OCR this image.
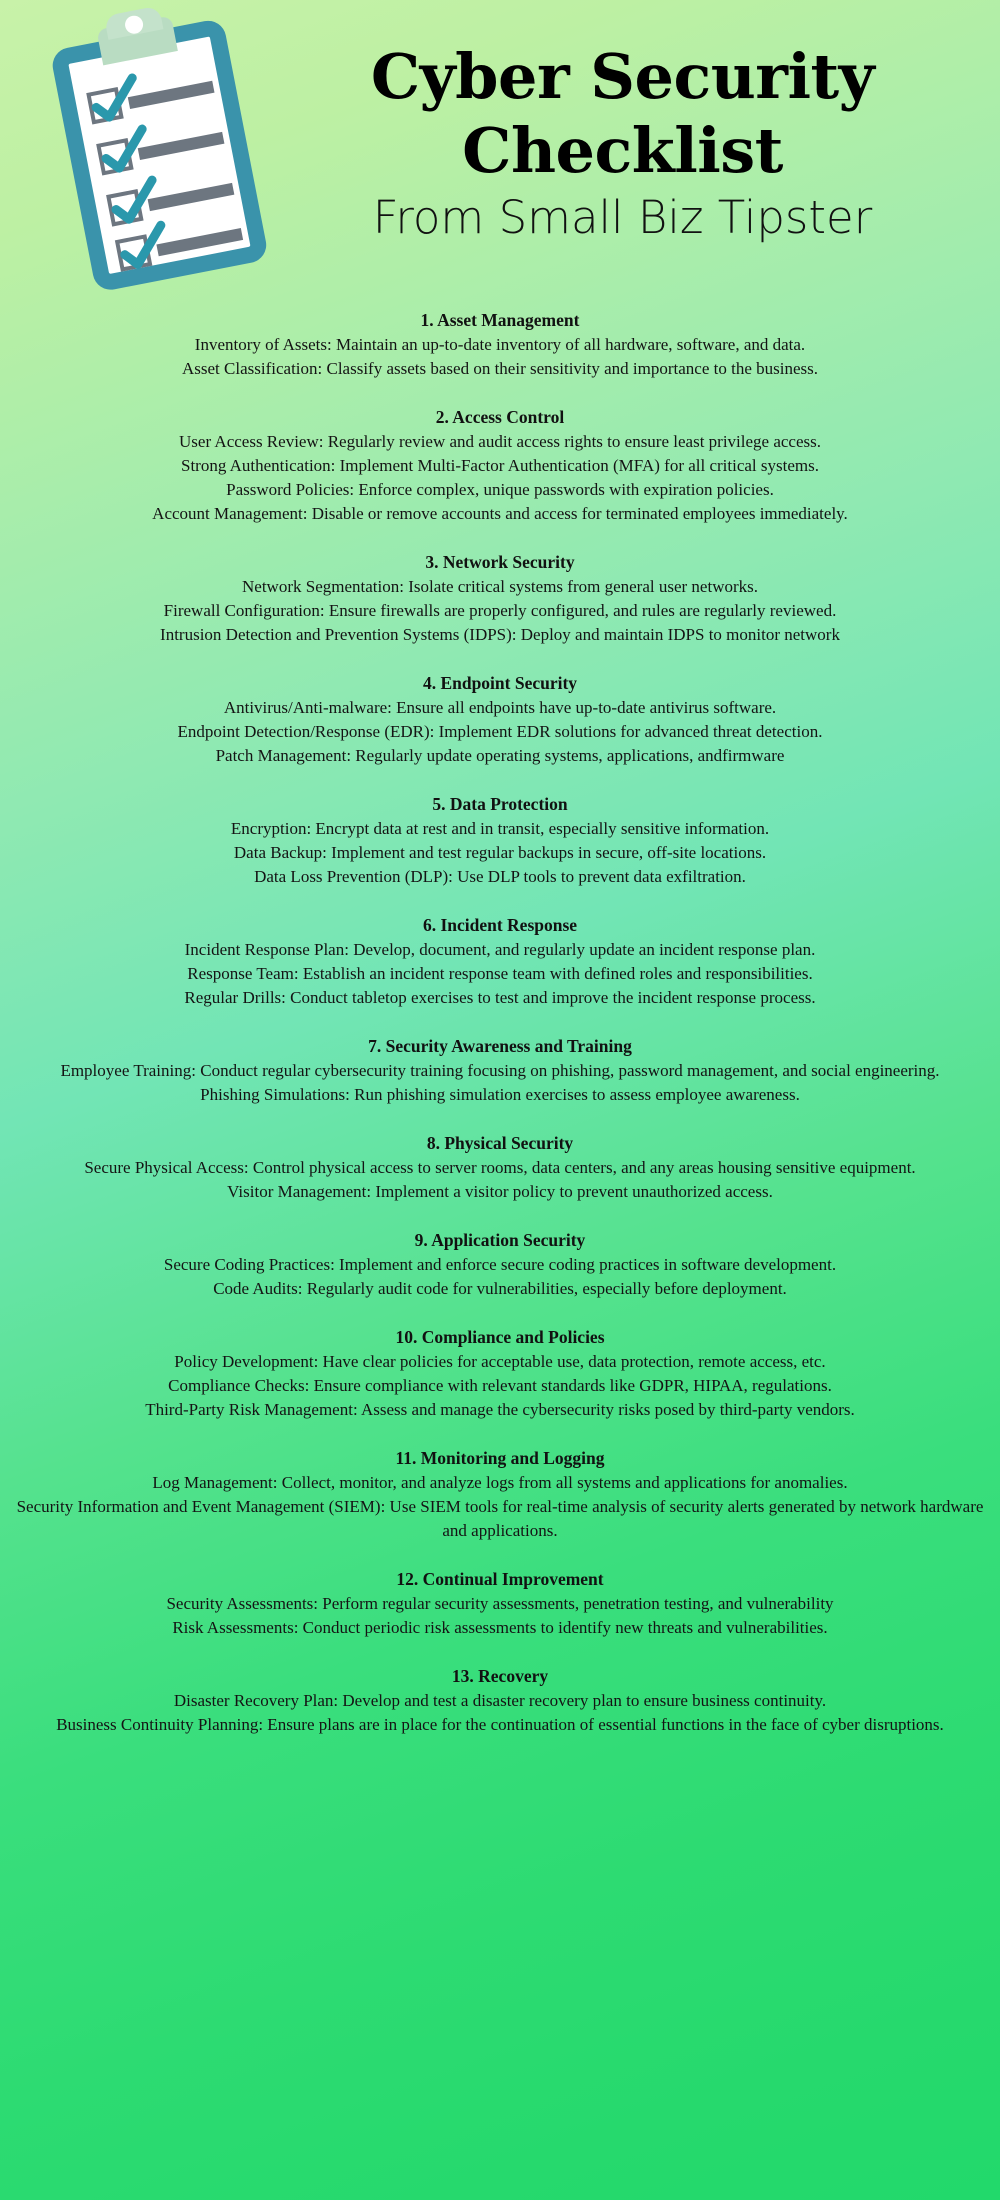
Cyber Security
Checklist
From Small Biz Tipster
1. Asset Management
Inventory of Assets: Maintain an up-to-date inventory of all hardware, software, and data.
Asset Classification: Classify assets based on their sensitivity and importance to the business.
2. Access Control
User Access Review: Regularly review and audit access rights to ensure least privilege access.
Strong Authentication: Implement Multi-Factor Authentication (MFA) for all critical systems.
Password Policies: Enforce complex, unique passwords with expiration policies.
Account Management: Disable or remove accounts and access for terminated employees immediately.
3. Network Security
Network Segmentation: Isolate critical systems from general user networks.
Firewall Configuration: Ensure firewalls are properly configured, and rules are regularly reviewed.
Intrusion Detection and Prevention Systems (IDPS): Deploy and maintain IDPS to monitor network
4. Endpoint Security
Antivirus/Anti-malware: Ensure all endpoints have up-to-date antivirus software.
Endpoint Detection/Response (EDR): Implement EDR solutions for advanced threat detection.
Patch Management: Regularly update operating systems, applications, andfirmware
5. Data Protection
Encryption: Encrypt data at rest and in transit, especially sensitive information.
Data Backup: Implement and test regular backups in secure, off-site locations.
Data Loss Prevention (DLP): Use DLP tools to prevent data exfiltration.
6. Incident Response
Incident Response Plan: Develop, document, and regularly update an incident response plan.
Response Team: Establish an incident response team with defined roles and responsibilities.
Regular Drills: Conduct tabletop exercises to test and improve the incident response process.
7. Security Awareness and Training
Employee Training: Conduct regular cybersecurity training focusing on phishing, password management, and social engineering.
Phishing Simulations: Run phishing simulation exercises to assess employee awareness.
8. Physical Security
Secure Physical Access: Control physical access to server rooms, data centers, and any areas housing sensitive equipment.
Visitor Management: Implement a visitor policy to prevent unauthorized access.
9. Application Security
Secure Coding Practices: Implement and enforce secure coding practices in software development.
Code Audits: Regularly audit code for vulnerabilities, especially before deployment.
10. Compliance and Policies
Policy Development: Have clear policies for acceptable use, data protection, remote access, etc.
Compliance Checks: Ensure compliance with relevant standards like GDPR, HIPAA, regulations.
Third-Party Risk Management: Assess and manage the cybersecurity risks posed by third-party vendors.
11. Monitoring and Logging
Log Management: Collect, monitor, and analyze logs from all systems and applications for anomalies.
Security Information and Event Management (SIEM): Use SIEM tools for real-time analysis of security alerts generated by network hardware and applications.
12. Continual Improvement
Security Assessments: Perform regular security assessments, penetration testing, and vulnerability
Risk Assessments: Conduct periodic risk assessments to identify new threats and vulnerabilities.
13. Recovery
Disaster Recovery Plan: Develop and test a disaster recovery plan to ensure business continuity.
Business Continuity Planning: Ensure plans are in place for the continuation of essential functions in the face of cyber disruptions.
